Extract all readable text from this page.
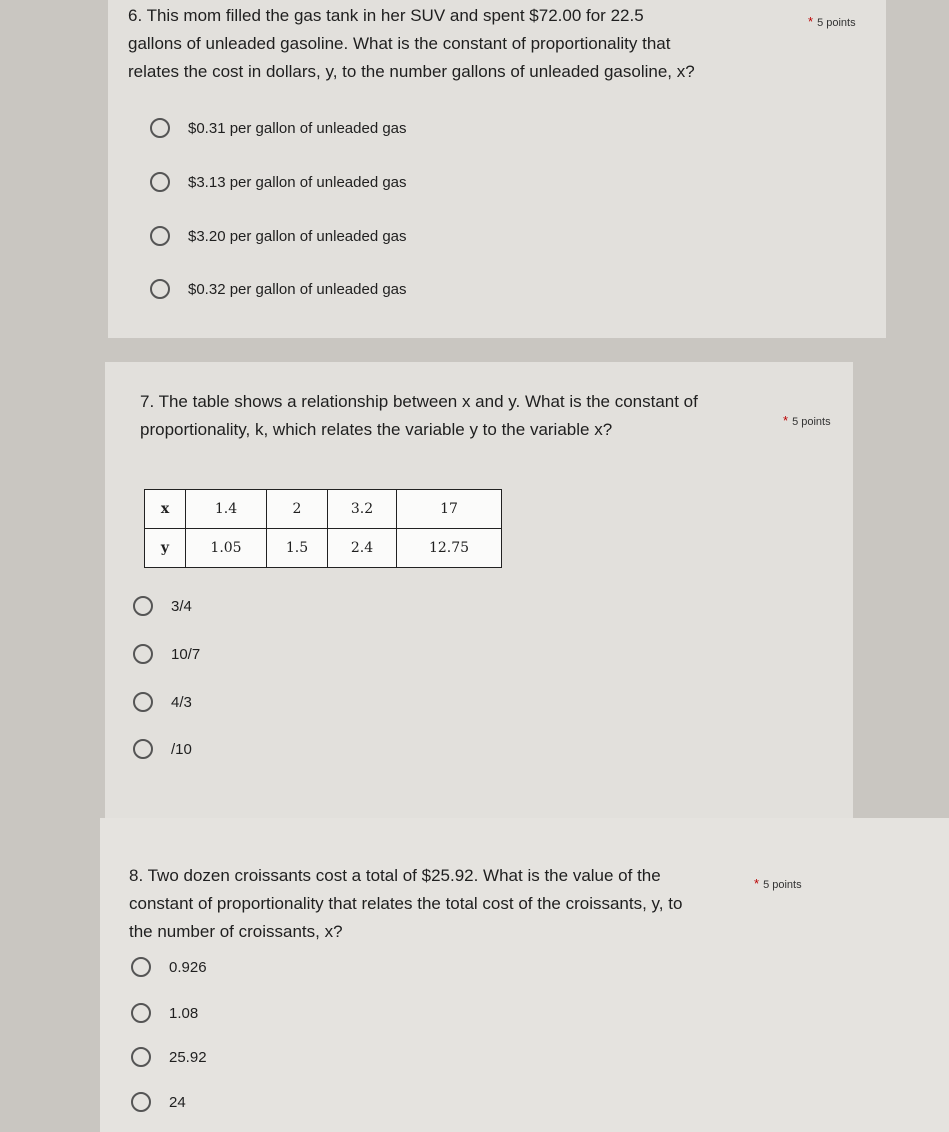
6. This mom filled the gas tank in her SUV and spent $72.00 for 22.5
gallons of unleaded gasoline. What is the constant of proportionality that
relates the cost in dollars, y, to the number gallons of unleaded gasoline, x?
* 5 points
$0.31 per gallon of unleaded gas
$3.13 per gallon of unleaded gas
$3.20 per gallon of unleaded gas
$0.32 per gallon of unleaded gas
7. The table shows a relationship between x and y. What is the constant of
proportionality, k, which relates the variable y to the variable x?	* 5 points
x	1.4	2	3.2	17
y	1.05	1.5	2.4	12.75
3/4
10/7
4/3
/10
8. Two dozen croissants cost a total of $25.92. What is the value of the
constant of proportionality that relates the total cost of the croissants, y, to
the number of croissants, x?
* 5 points
0.926
1.08
25.92
24
